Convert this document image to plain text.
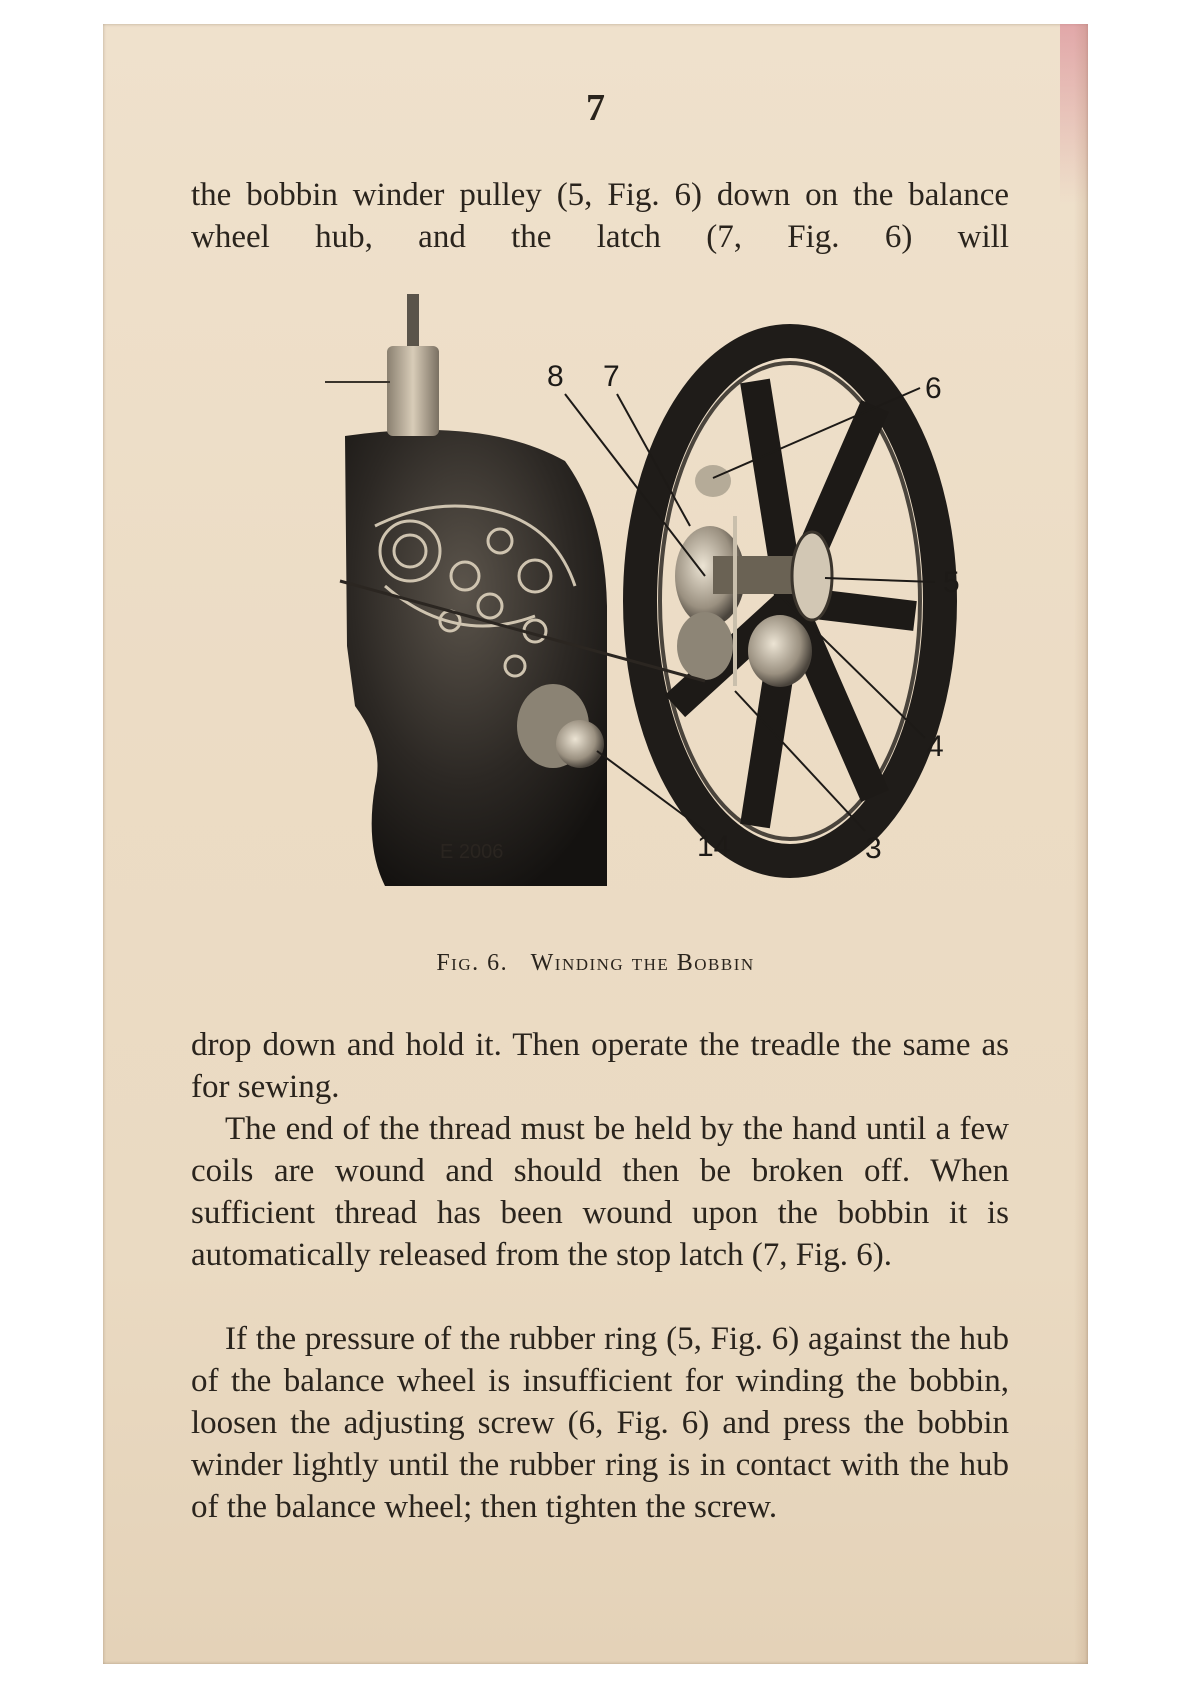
7

the bobbin winder pulley (5, Fig. 6) down on the balance wheel hub, and the latch (7, Fig. 6) will

8 7	6
5
4
14	3
E 2006
Fig. 6. Winding the Bobbin

drop down and hold it. Then operate the treadle the same as for sewing.

The end of the thread must be held by the hand until a few coils are wound and should then be broken off. When sufficient thread has been wound upon the bobbin it is automatically released from the stop latch (7, Fig. 6).

If the pressure of the rubber ring (5, Fig. 6) against the hub of the balance wheel is insufficient for winding the bobbin, loosen the adjusting screw (6, Fig. 6) and press the bobbin winder lightly until the rubber ring is in contact with the hub of the balance wheel; then tighten the screw.
